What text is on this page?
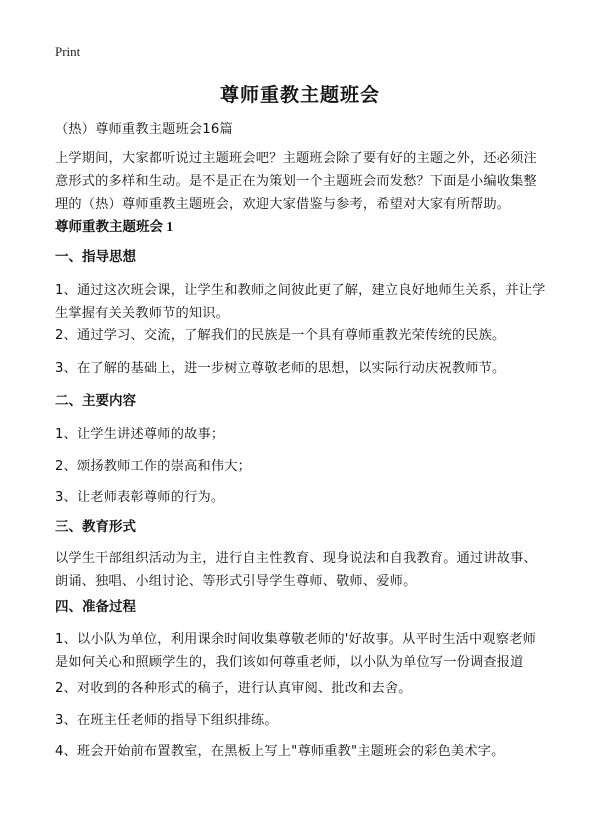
Print
尊师重教主题班会
（热）尊师重教主题班会16篇
上学期间，大家都听说过主题班会吧？主题班会除了要有好的主题之外，还必须注意形式的多样和生动。是不是正在为策划一个主题班会而发愁？下面是小编收集整理的（热）尊师重教主题班会，欢迎大家借鉴与参考，希望对大家有所帮助。
尊师重教主题班会 1
一、指导思想
1、通过这次班会课，让学生和教师之间彼此更了解，建立良好地师生关系，并让学生掌握有关关教师节的知识。
2、通过学习、交流，了解我们的民族是一个具有尊师重教光荣传统的民族。
3、在了解的基础上，进一步树立尊敬老师的思想，以实际行动庆祝教师节。
二、主要内容
1、让学生讲述尊师的故事；
2、颂扬教师工作的崇高和伟大；
3、让老师表彰尊师的行为。
三、教育形式
以学生干部组织活动为主，进行自主性教育、现身说法和自我教育。通过讲故事、朗诵、独唱、小组讨论、等形式引导学生尊师、敬师、爱师。
四、准备过程
1、以小队为单位，利用课余时间收集尊敬老师的'好故事。从平时生活中观察老师是如何关心和照顾学生的，我们该如何尊重老师，以小队为单位写一份调查报道
2、对收到的各种形式的稿子，进行认真审阅、批改和去舍。
3、在班主任老师的指导下组织排练。
4、班会开始前布置教室，在黑板上写上"尊师重教"主题班会的彩色美术字。
